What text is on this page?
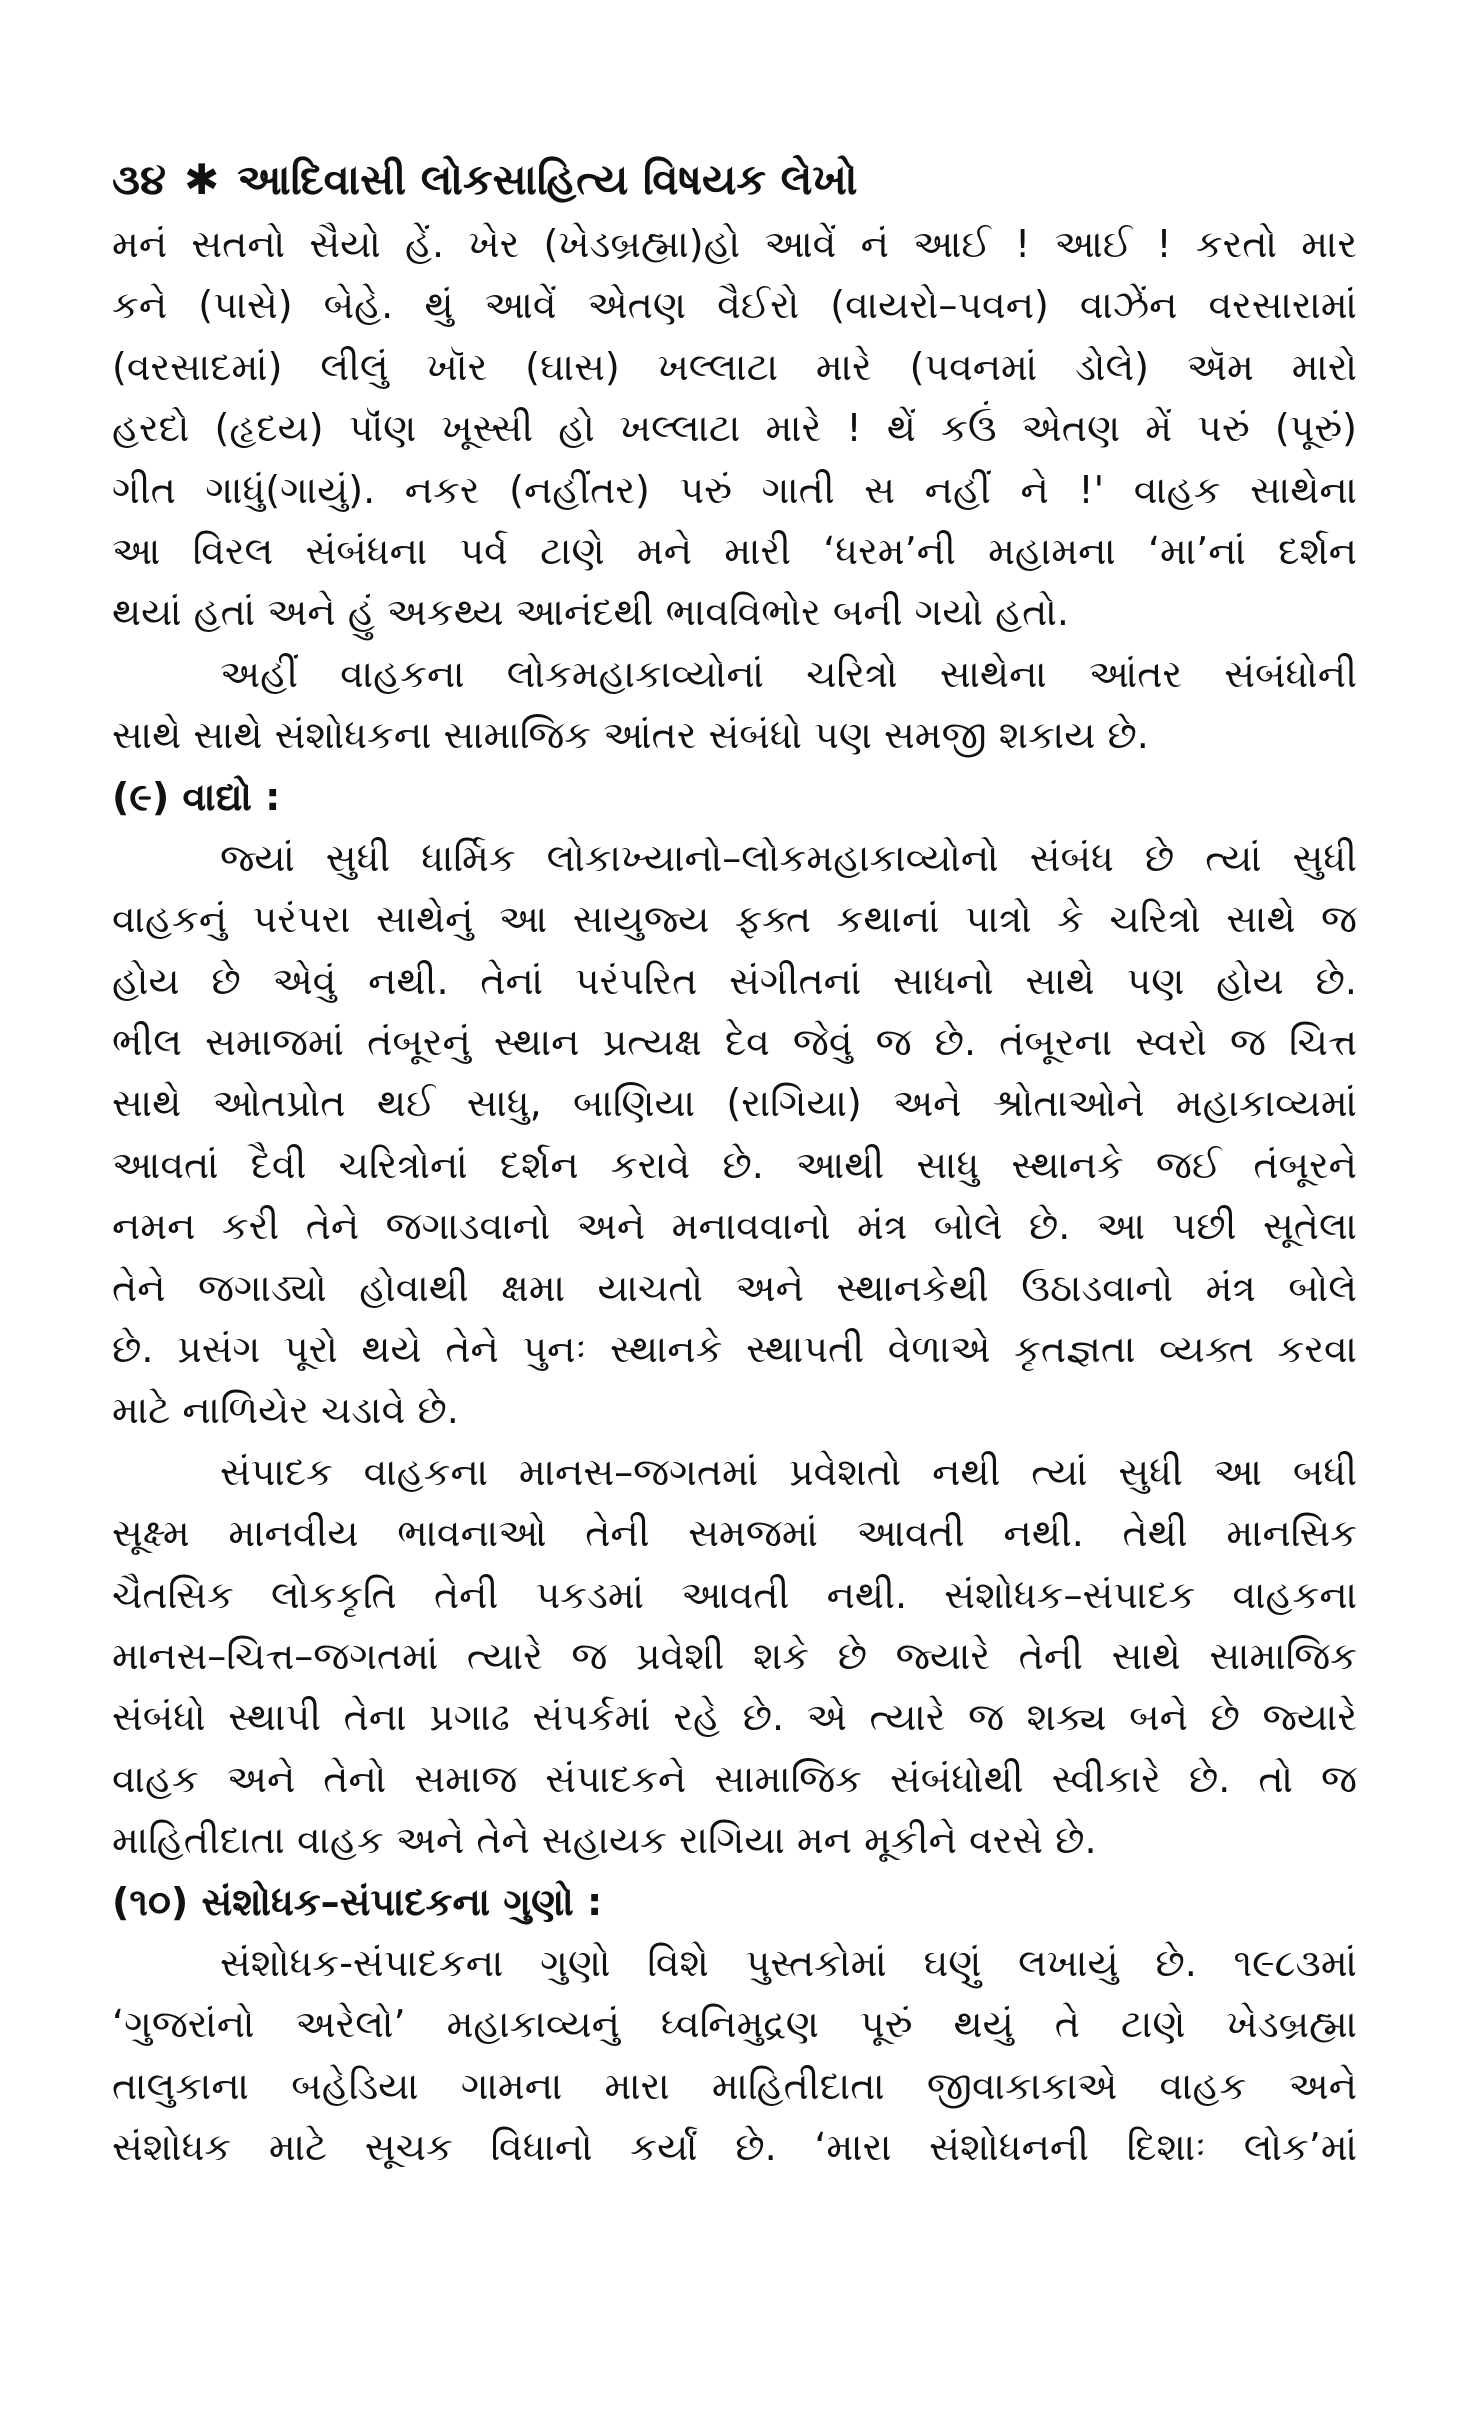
૩૪ ✱ આદિવાસી લોકસાહિત્ય વિષયક લેખો
મનં સતનો સૈયો હેં. ખેર (ખેડબ્રહ્મા)હો આવેં નં આઈ ! આઈ ! કરતો માર
કને (પાસે) બેહે. થું આવેં એતણ વૈઈરો (વાયરો–પવન) વાઝેંન વરસારામાં
(વરસાદમાં) લીલું ખૉર (ઘાસ) ખલ્લાટા મારે (પવનમાં ડોલે) ઍમ મારો
હરદો (હૃદય) પૉંણ ખૂસ્સી હો ખલ્લાટા મારે ! થેં કઉં એતણ મેં પરું (પૂરું)
ગીત ગાધું(ગાયું). નકર (નહીંતર) પરું ગાતી સ નહીં ને !' વાહક સાથેના
આ વિરલ સંબંધના પર્વ ટાણે મને મારી ‘ધરમ’ની મહામના ‘મા’નાં દર્શન
થયાં હતાં અને હું અકથ્ય આનંદથી ભાવવિભોર બની ગયો હતો.
અહીં વાહકના લોકમહાકાવ્યોનાં ચરિત્રો સાથેના આંતર સંબંધોની
સાથે સાથે સંશોધકના સામાજિક આંતર સંબંધો પણ સમજી શકાય છે.
(૯) વાદ્યો :
જ્યાં સુધી ધાર્મિક લોકાખ્યાનો–લોકમહાકાવ્યોનો સંબંધ છે ત્યાં સુધી
વાહકનું પરંપરા સાથેનું આ સાયુજ્ય ફક્ત કથાનાં પાત્રો કે ચરિત્રો સાથે જ
હોય છે એવું નથી. તેનાં પરંપરિત સંગીતનાં સાધનો સાથે પણ હોય છે.
ભીલ સમાજમાં તંબૂરનું સ્થાન પ્રત્યક્ષ દેવ જેવું જ છે. તંબૂરના સ્વરો જ ચિત્ત
સાથે ઓતપ્રોત થઈ સાધુ, બાણિયા (રાગિયા) અને શ્રોતાઓને મહાકાવ્યમાં
આવતાં દૈવી ચરિત્રોનાં દર્શન કરાવે છે. આથી સાધુ સ્થાનકે જઈ તંબૂરને
નમન કરી તેને જગાડવાનો અને મનાવવાનો મંત્ર બોલે છે. આ પછી સૂતેલા
તેને જગાડ્યો હોવાથી ક્ષમા યાચતો અને સ્થાનકેથી ઉઠાડવાનો મંત્ર બોલે
છે. પ્રસંગ પૂરો થયે તેને પુનઃ સ્થાનકે સ્થાપતી વેળાએ કૃતજ્ઞતા વ્યક્ત કરવા
માટે નાળિયેર ચડાવે છે.
સંપાદક વાહકના માનસ–જગતમાં પ્રવેશતો નથી ત્યાં સુધી આ બધી
સૂક્ષ્મ માનવીય ભાવનાઓ તેની સમજમાં આવતી નથી. તેથી માનસિક
ચૈતસિક લોકકૃતિ તેની પકડમાં આવતી નથી. સંશોધક–સંપાદક વાહકના
માનસ–ચિત્ત–જગતમાં ત્યારે જ પ્રવેશી શકે છે જ્યારે તેની સાથે સામાજિક
સંબંધો સ્થાપી તેના પ્રગાઢ સંપર્કમાં રહે છે. એ ત્યારે જ શક્ય બને છે જ્યારે
વાહક અને તેનો સમાજ સંપાદકને સામાજિક સંબંધોથી સ્વીકારે છે. તો જ
માહિતીદાતા વાહક અને તેને સહાયક રાગિયા મન મૂકીને વરસે છે.
(૧૦) સંશોધક–સંપાદકના ગુણો :
સંશોધક-સંપાદકના ગુણો વિશે પુસ્તકોમાં ઘણું લખાયું છે. ૧૯૮૩માં
‘ગુજરાંનો અરેલો’ મહાકાવ્યનું ધ્વનિમુદ્રણ પૂરું થયું તે ટાણે ખેડબ્રહ્મા
તાલુકાના બહેડિયા ગામના મારા માહિતીદાતા જીવાકાકાએ વાહક અને
સંશોધક માટે સૂચક વિધાનો કર્યાં છે. ‘મારા સંશોધનની દિશાઃ લોક’માં
